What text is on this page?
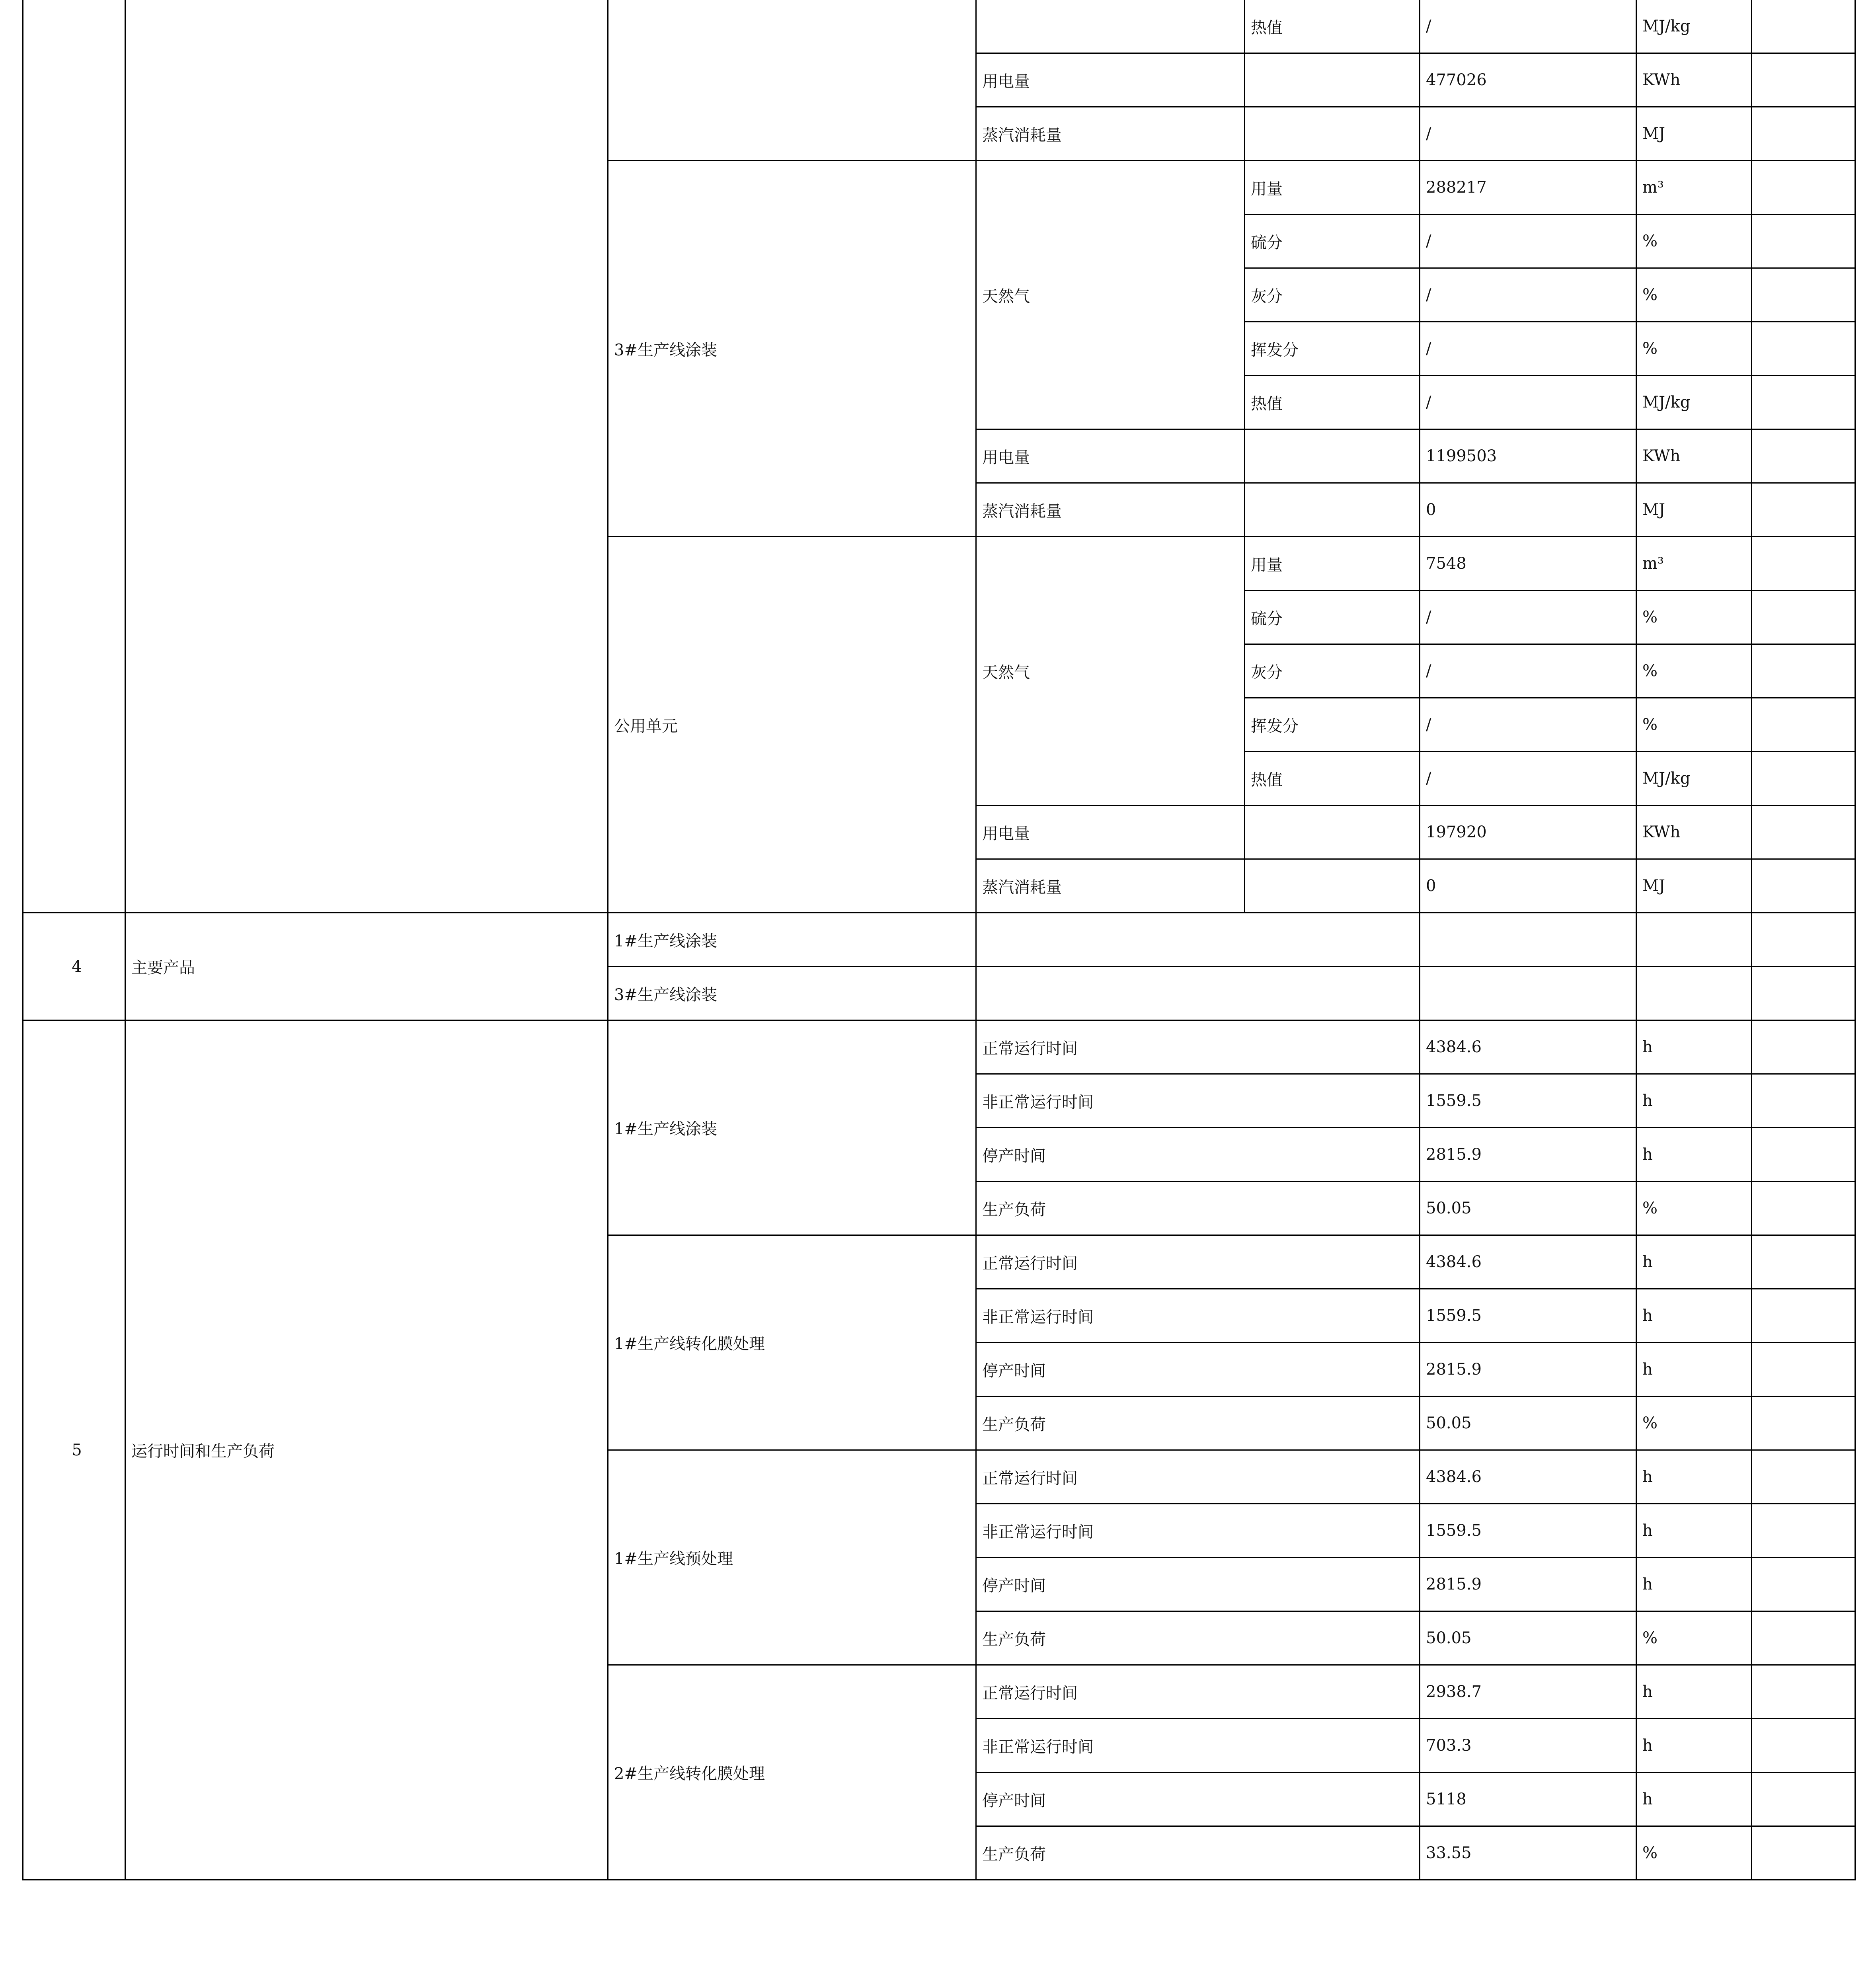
				热值	/	MJ/kg	
			用电量		477026	KWh	
			蒸汽消耗量		/	MJ	
		3#生产线涂装	天然气	用量	288217	m³	
				硫分	/	%	
				灰分	/	%	
				挥发分	/	%	
				热值	/	MJ/kg	
			用电量		1199503	KWh	
			蒸汽消耗量		0	MJ	
		公用单元	天然气	用量	7548	m³	
				硫分	/	%	
				灰分	/	%	
				挥发分	/	%	
				热值	/	MJ/kg	
			用电量		197920	KWh	
			蒸汽消耗量		0	MJ	
4	主要产品	1#生产线涂装					
		3#生产线涂装					
5	运行时间和生产负荷	1#生产线涂装	正常运行时间		4384.6	h	
			非正常运行时间		1559.5	h	
			停产时间		2815.9	h	
			生产负荷		50.05	%	
		1#生产线转化膜处理	正常运行时间		4384.6	h	
			非正常运行时间		1559.5	h	
			停产时间		2815.9	h	
			生产负荷		50.05	%	
		1#生产线预处理	正常运行时间		4384.6	h	
			非正常运行时间		1559.5	h	
			停产时间		2815.9	h	
			生产负荷		50.05	%	
		2#生产线转化膜处理	正常运行时间		2938.7	h	
			非正常运行时间		703.3	h	
			停产时间		5118	h	
			生产负荷		33.55	%	
